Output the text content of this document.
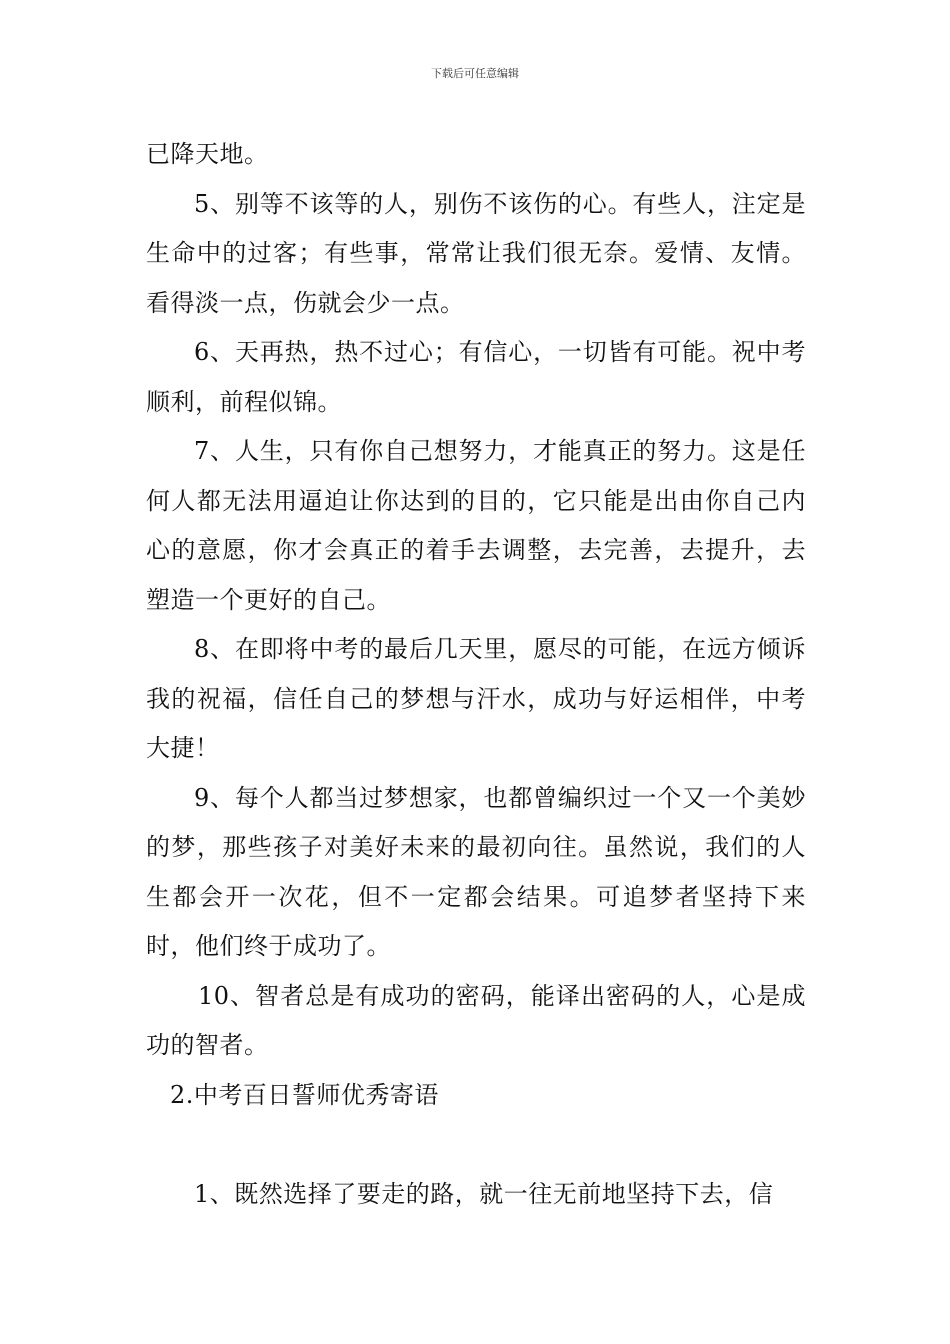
下载后可任意编辑

已降天地。

5、别等不该等的人，别伤不该伤的心。有些人，注定是生命中的过客；有些事，常常让我们很无奈。爱情、友情。看得淡一点，伤就会少一点。

6、天再热，热不过心；有信心，一切皆有可能。祝中考顺利，前程似锦。

7、人生，只有你自己想努力，才能真正的努力。这是任何人都无法用逼迫让你达到的目的，它只能是出由你自己内心的意愿，你才会真正的着手去调整，去完善，去提升，去塑造一个更好的自己。

8、在即将中考的最后几天里，愿尽的可能，在远方倾诉我的祝福，信任自己的梦想与汗水，成功与好运相伴，中考大捷！

9、每个人都当过梦想家，也都曾编织过一个又一个美妙的梦，那些孩子对美好未来的最初向往。虽然说，我们的人生都会开一次花，但不一定都会结果。可追梦者坚持下来时，他们终于成功了。

10、智者总是有成功的密码，能译出密码的人，心是成功的智者。

2.中考百日誓师优秀寄语

1、既然选择了要走的路，就一往无前地坚持下去，信
